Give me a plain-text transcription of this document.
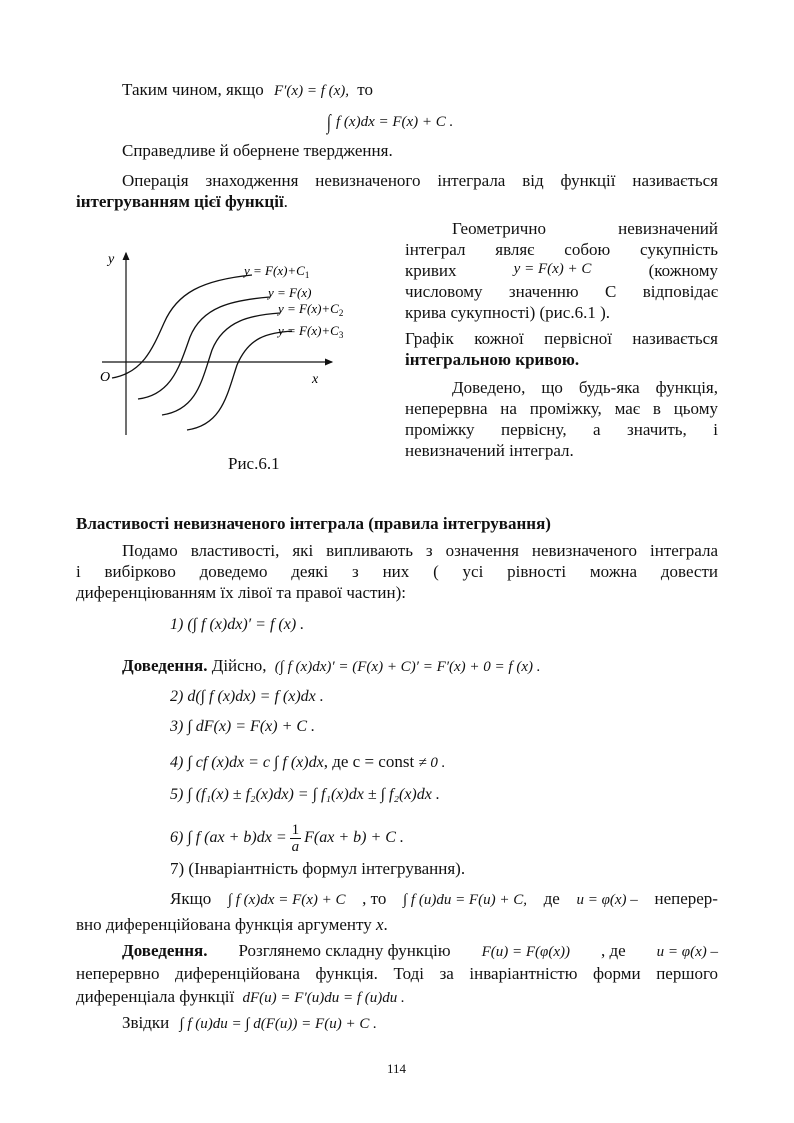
Таким чином, якщо F′(x) = f (x), то
∫ f (x)dx = F(x) + C .
Справедливе й обернене твердження.
Операція знаходження невизначеного інтеграла від функції називається
інтегруванням цієї функції.
Геометрично невизначений
інтеграл являє собою сукупність
кривих	y = F(x) + C	(кожному
числовому значенню С відповідає
крива сукупності) (рис.6.1 ).
Графік кожної первісної називається
інтегральною кривою.
Доведено, що будь-яка функція,
неперервна на проміжку, має в цьому
проміжку первісну, а значить, і
невизначений інтеграл.
y
O	x
$y = F(x)+C_1$
y = F(x)
$y = F(x)+C_2$
$y = F(x)+C_3$
Рис.6.1
Властивості невизначеного інтеграла (правила інтегрування)
Подамо властивості, які випливають з означення невизначеного інтеграла
і вибірково доведемо деякі з них ( усі рівності можна довести
диференціюванням їх лівої та правої частин):
1) (∫ f (x)dx)′ = f (x) .
Доведення. Дійсно, (∫ f (x)dx)′ = (F(x) + C)′ = F′(x) + 0 = f (x) .
2) d(∫ f (x)dx) = f (x)dx .
3) ∫ dF(x) = F(x) + C .
4) ∫ cf (x)dx = c ∫ f (x)dx, де c = const ≠ 0 .
5) ∫ (f₁(x) ± f₂(x)dx) = ∫ f₁(x)dx ± ∫ f₂(x)dx .
6) ∫ f $(ax + b)dx = \frac{1}{a} F(ax + b) + C$ .
7) (Інваріантність формул інтегрування).
Якщо ∫ f (x)dx = F(x) + C , то ∫ f (u)du = F(u) + C, де u = φ(x) – неперер-
вно диференційована функція аргументу x.
Доведення. Розглянемо складну функцію F(u) = F(φ(x)) , де u = φ(x) –
неперервно диференційована функція. Тоді за інваріантністю форми першого
диференціала функції dF(u) = F′(u)du = f (u)du .
Звідки ∫ f (u)du = ∫ d(F(u)) = F(u) + C .
114
